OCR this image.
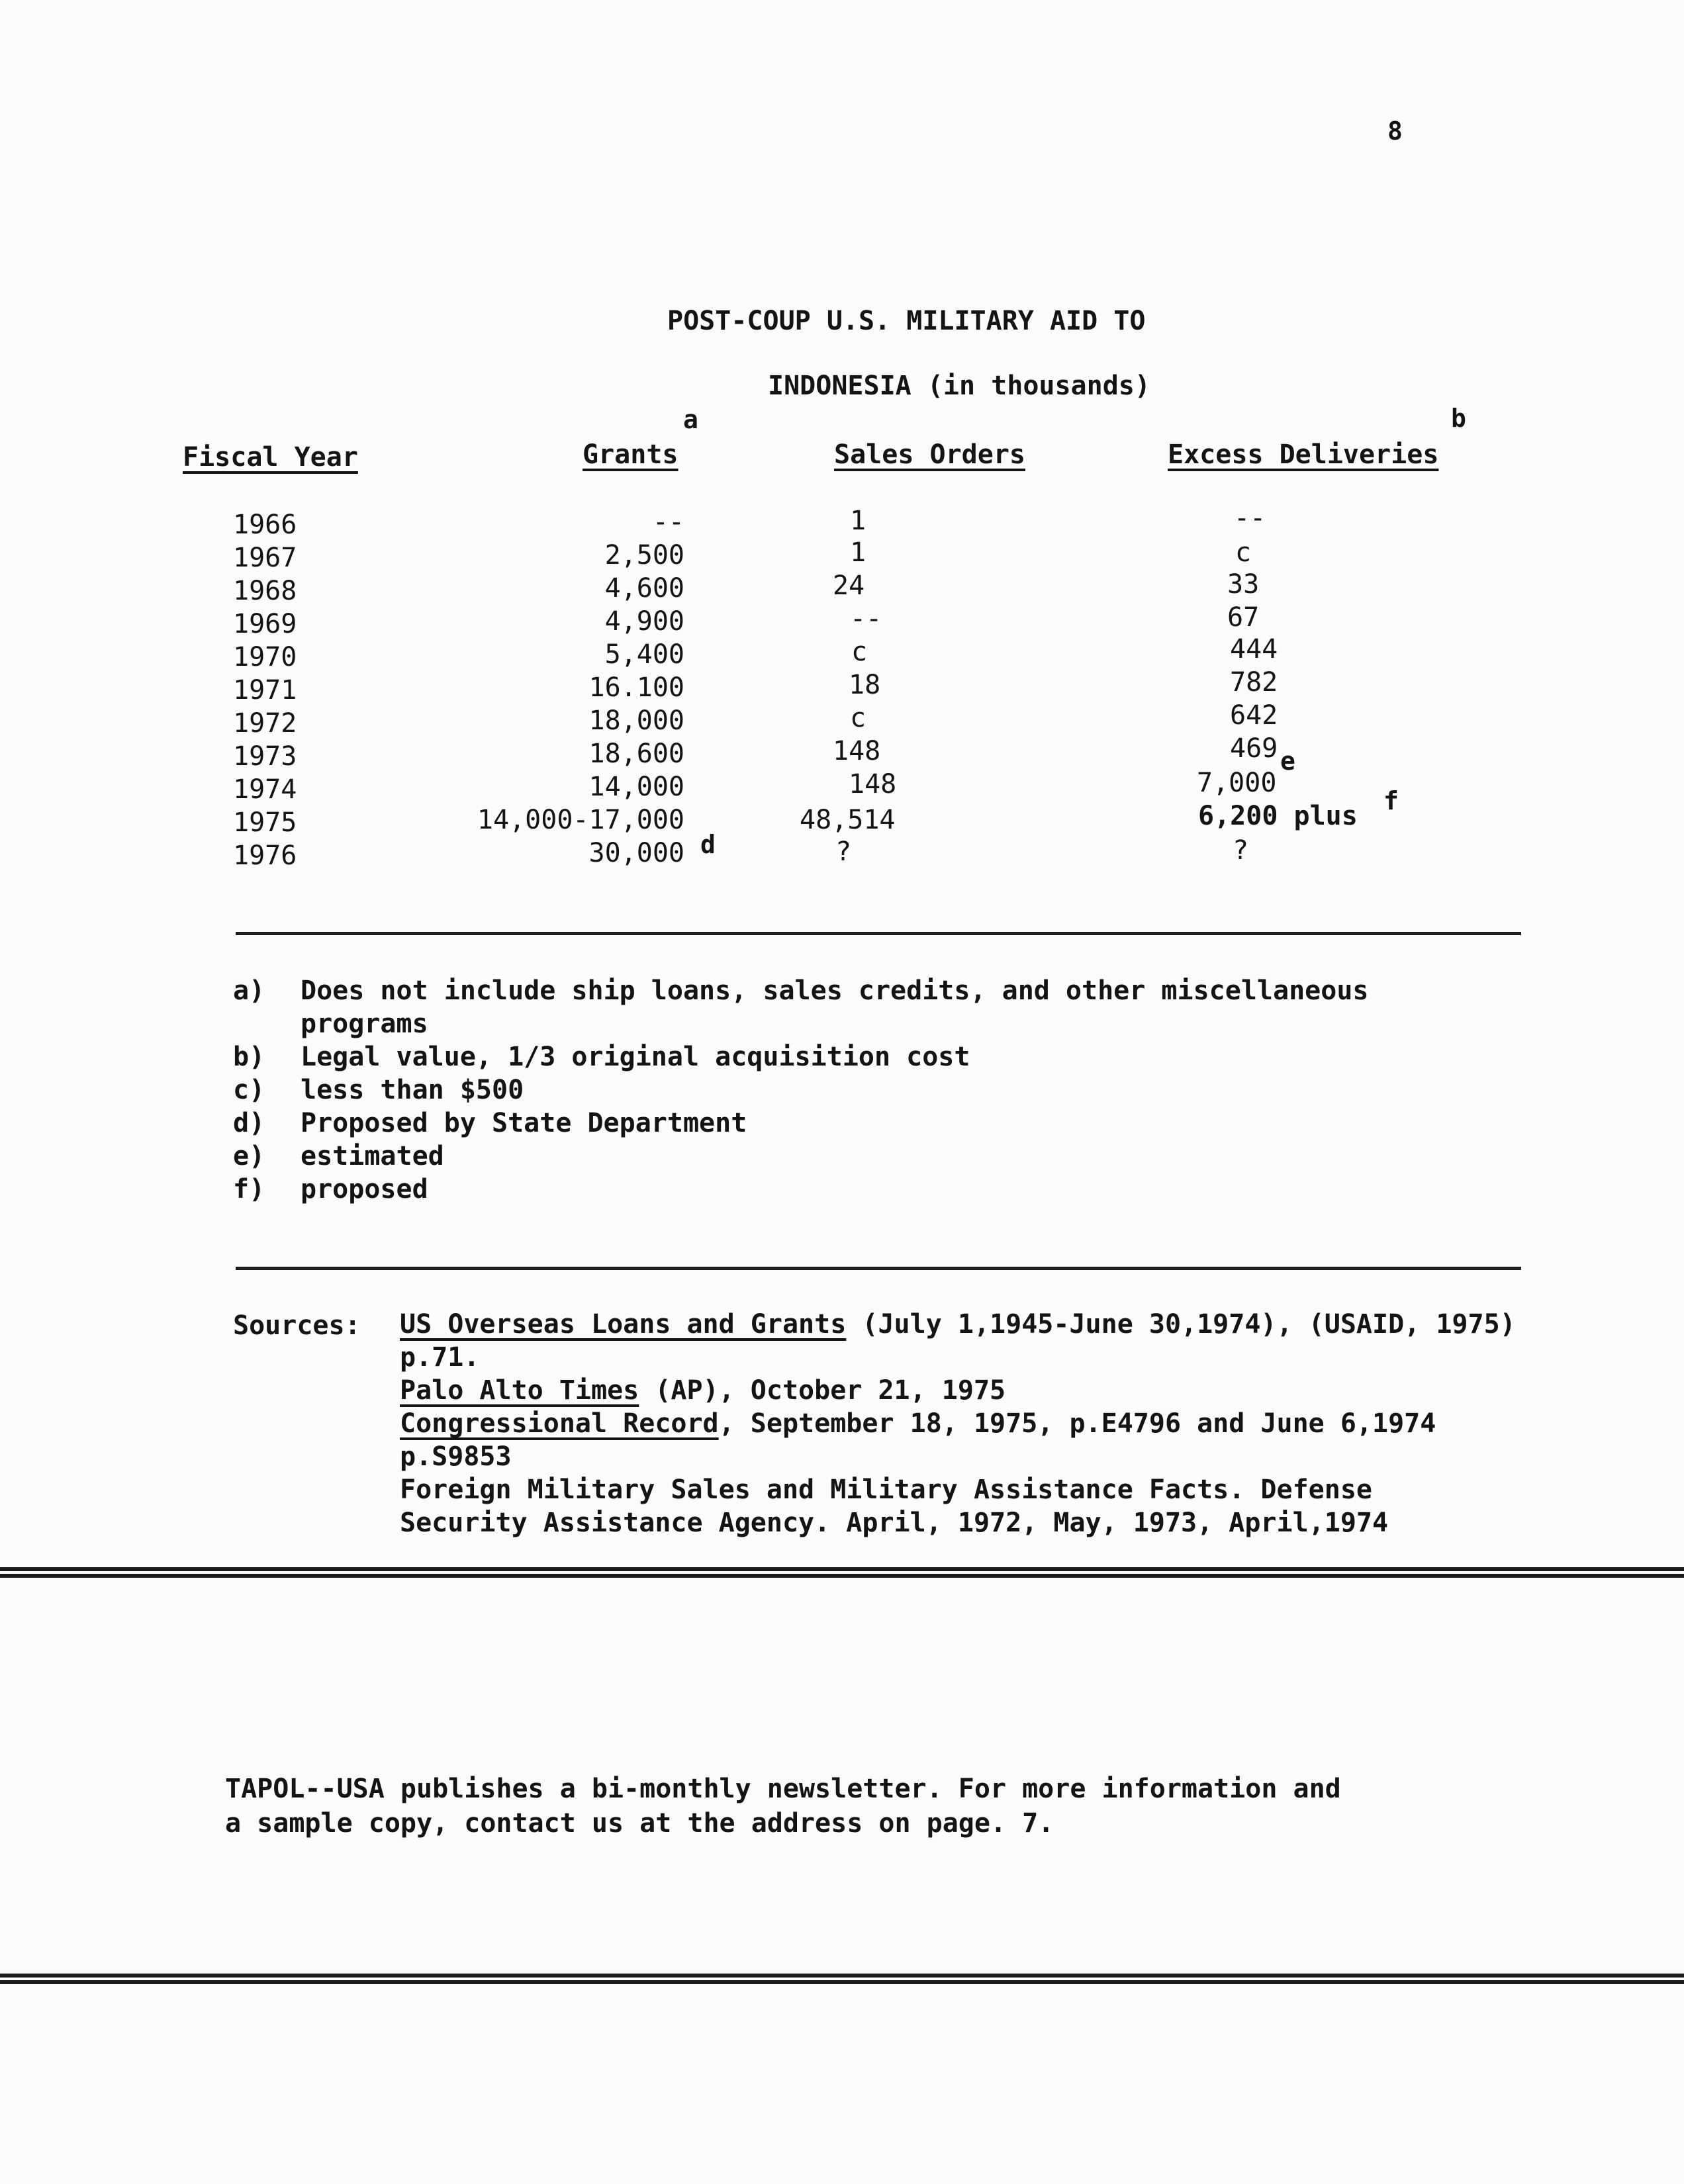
8
POST-COUP U.S. MILITARY AID TO
INDONESIA (in thousands)
a	b
Fiscal Year	Grants	Sales Orders	Excess Deliveries
1966	--	1	--
1967	2,500	1	c
1968	4,600	24	33
1969	4,900	--	67
1970	5,400	c	444
1971	16.100	18	782
1972	18,000	c	642
1973	18,600	148	469 e
1974	14,000	148	7,000
1975	14,000-17,000	48,514	6,200 plus f
1976	30,000 d	?	?
a) Does not include ship loans, sales credits, and other miscellaneous
programs
b) Legal value, 1/3 original acquisition cost
c) less than $500
d) Proposed by State Department
e) estimated
f) proposed
Sources: US Overseas Loans and Grants (July 1,1945-June 30,1974), (USAID, 1975)
p.71.
Palo Alto Times (AP), October 21, 1975
Congressional Record, September 18, 1975, p.E4796 and June 6,1974
p.S9853
Foreign Military Sales and Military Assistance Facts. Defense
Security Assistance Agency. April, 1972, May, 1973, April,1974
TAPOL--USA publishes a bi-monthly newsletter. For more information and
a sample copy, contact us at the address on page. 7.
